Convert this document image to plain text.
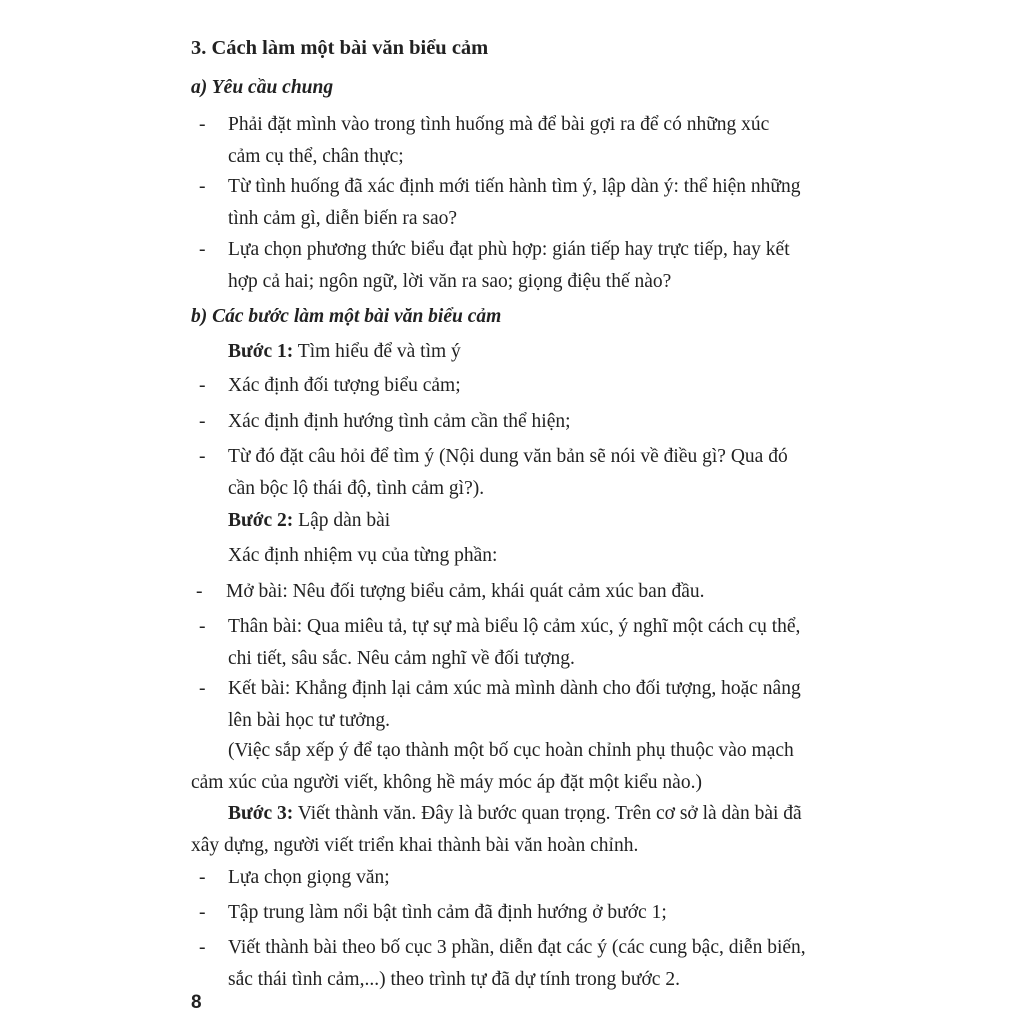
3. Cách làm một bài văn biểu cảm
a) Yêu cầu chung
- Phải đặt mình vào trong tình huống mà để bài gợi ra để có những xúc
cảm cụ thể, chân thực;
- Từ tình huống đã xác định mới tiến hành tìm ý, lập dàn ý: thể hiện những
tình cảm gì, diễn biến ra sao?
- Lựa chọn phương thức biểu đạt phù hợp: gián tiếp hay trực tiếp, hay kết
hợp cả hai; ngôn ngữ, lời văn ra sao; giọng điệu thế nào?
b) Các bước làm một bài văn biểu cảm
Bước 1: Tìm hiểu để và tìm ý
- Xác định đối tượng biểu cảm;
- Xác định định hướng tình cảm cần thể hiện;
- Từ đó đặt câu hỏi để tìm ý (Nội dung văn bản sẽ nói về điều gì? Qua đó
cần bộc lộ thái độ, tình cảm gì?).
Bước 2: Lập dàn bài
Xác định nhiệm vụ của từng phần:
- Mở bài: Nêu đối tượng biểu cảm, khái quát cảm xúc ban đầu.
- Thân bài: Qua miêu tả, tự sự mà biểu lộ cảm xúc, ý nghĩ một cách cụ thể,
chi tiết, sâu sắc. Nêu cảm nghĩ về đối tượng.
- Kết bài: Khẳng định lại cảm xúc mà mình dành cho đối tượng, hoặc nâng
lên bài học tư tưởng.
(Việc sắp xếp ý để tạo thành một bố cục hoàn chỉnh phụ thuộc vào mạch
cảm xúc của người viết, không hề máy móc áp đặt một kiểu nào.)
Bước 3: Viết thành văn. Đây là bước quan trọng. Trên cơ sở là dàn bài đã
xây dựng, người viết triển khai thành bài văn hoàn chỉnh.
- Lựa chọn giọng văn;
- Tập trung làm nổi bật tình cảm đã định hướng ở bước 1;
- Viết thành bài theo bố cục 3 phần, diễn đạt các ý (các cung bậc, diễn biến,
sắc thái tình cảm,...) theo trình tự đã dự tính trong bước 2.
8
